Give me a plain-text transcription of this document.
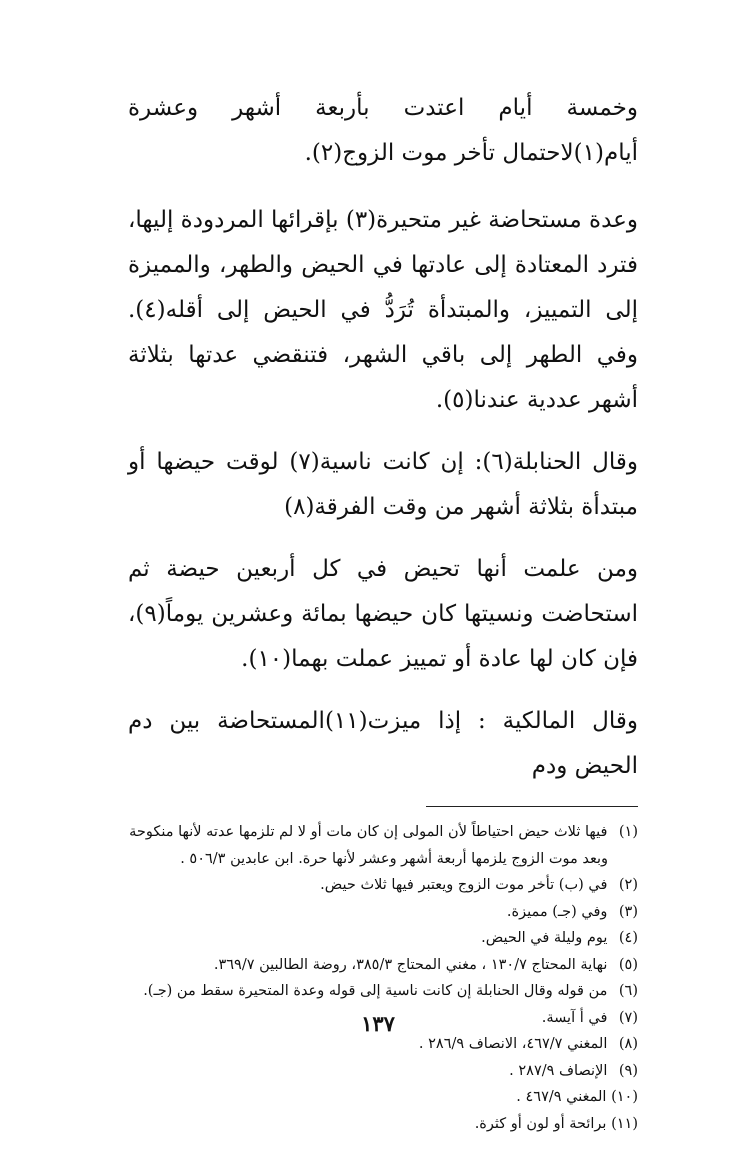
وخمسة أيام اعتدت بأربعة أشهر وعشرة أيام(١)لاحتمال تأخر موت الزوج(٢).

وعدة مستحاضة غير متحيرة(٣) بإقرائها المردودة إليها، فترد المعتادة إلى عادتها في الحيض والطهر، والمميزة إلى التمييز، والمبتدأة تُرَدُّ في الحيض إلى أقله(٤). وفي الطهر إلى باقي الشهر، فتنقضي عدتها بثلاثة أشهر عددية عندنا(٥).

وقال الحنابلة(٦): إن كانت ناسية(٧) لوقت حيضها أو مبتدأة بثلاثة أشهر من وقت الفرقة(٨)

ومن علمت أنها تحيض في كل أربعين حيضة ثم استحاضت ونسيتها كان حيضها بمائة وعشرين يوماً(٩)، فإن كان لها عادة أو تمييز عملت بهما(١٠).

وقال المالكية : إذا ميزت(١١)المستحاضة بين دم الحيض ودم

(١) فيها ثلاث حيض احتياطاً لأن المولى إن كان مات أو لا لم تلزمها عدته لأنها منكوحة

وبعد موت الزوج يلزمها أربعة أشهر وعشر لأنها حرة. ابن عابدين ٥٠٦/٣ .

(٢) في (ب) تأخر موت الزوج ويعتبر فيها ثلاث حيض.

(٣) وفي (جـ) مميزة.

(٤) يوم وليلة في الحيض.

(٥) نهاية المحتاج ١٣٠/٧ ، مغني المحتاج ٣٨٥/٣، روضة الطالبين ٣٦٩/٧.

(٦) من قوله وقال الحنابلة إن كانت ناسية إلى قوله وعدة المتحيرة سقط من (جـ).

(٧) في أ آيسة.

(٨) المغني ٤٦٧/٧، الانصاف ٢٨٦/٩ .

(٩) الإنصاف ٢٨٧/٩ .

(١٠) المغني ٤٦٧/٩ .

(١١) برائحة أو لون أو كثرة.

١٣٧
